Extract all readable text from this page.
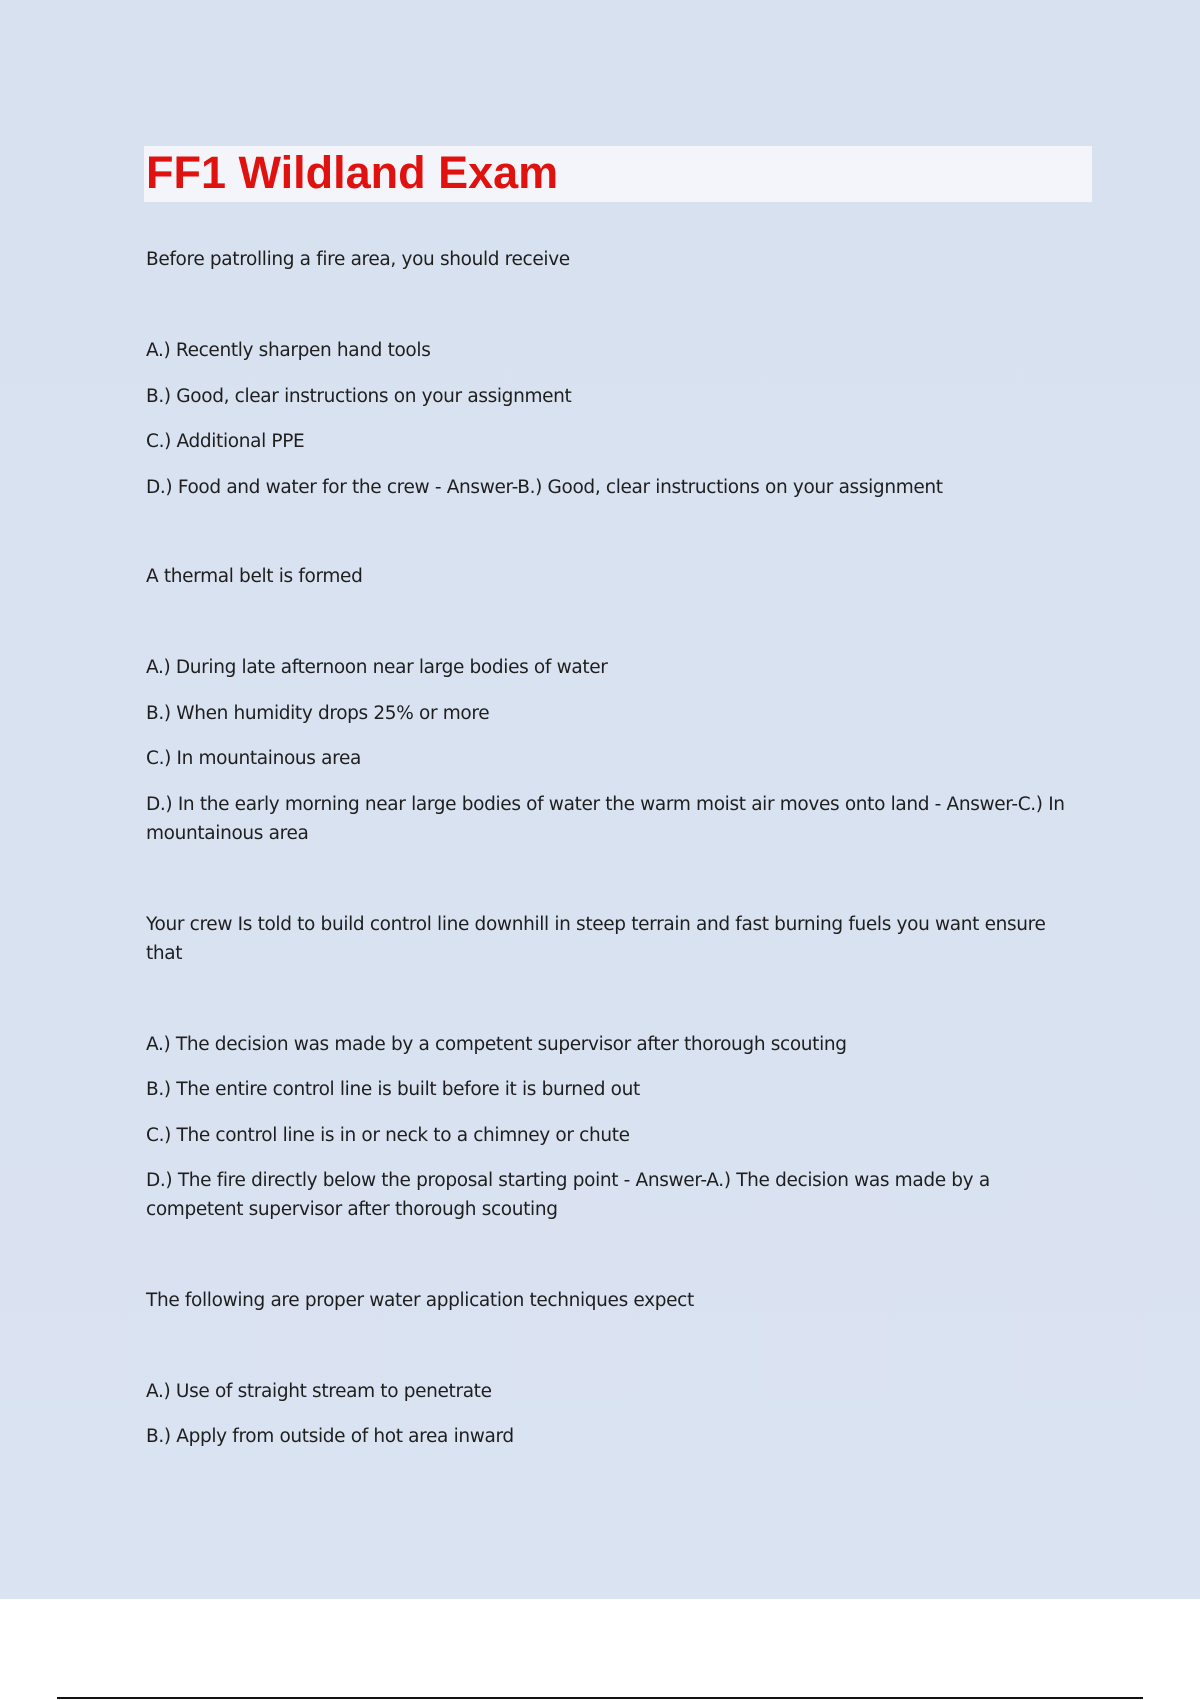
FF1 Wildland Exam
Before patrolling a fire area, you should receive
A.) Recently sharpen hand tools
B.) Good, clear instructions on your assignment
C.) Additional PPE
D.) Food and water for the crew - Answer-B.) Good, clear instructions on your assignment
A thermal belt is formed
A.) During late afternoon near large bodies of water
B.) When humidity drops 25% or more
C.) In mountainous area
D.) In the early morning near large bodies of water the warm moist air moves onto land - Answer-C.) In mountainous area
Your crew Is told to build control line downhill in steep terrain and fast burning fuels you want ensure that
A.) The decision was made by a competent supervisor after thorough scouting
B.) The entire control line is built before it is burned out
C.) The control line is in or neck to a chimney or chute
D.) The fire directly below the proposal starting point - Answer-A.) The decision was made by a competent supervisor after thorough scouting
The following are proper water application techniques expect
A.) Use of straight stream to penetrate
B.) Apply from outside of hot area inward
